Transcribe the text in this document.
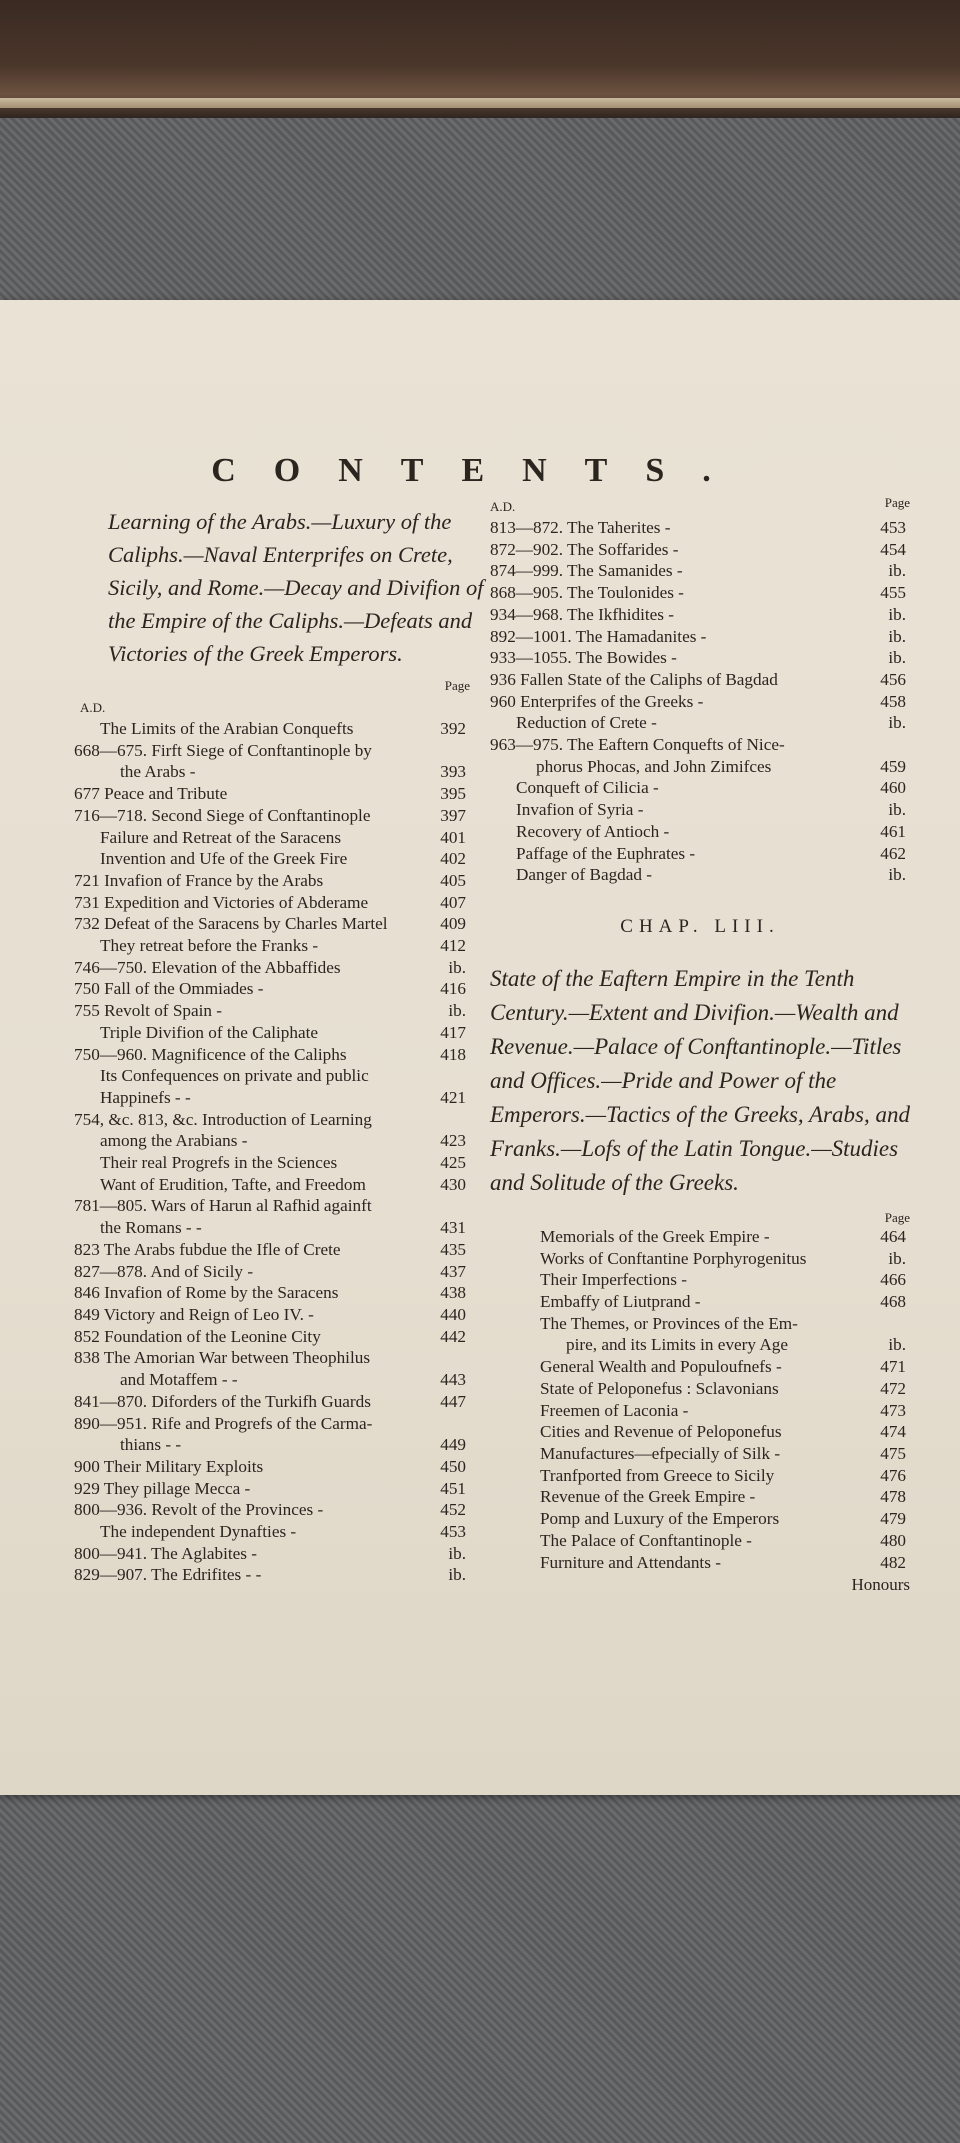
CONTENTS.
Learning of the Arabs.—Luxury of the Caliphs.—Naval Enterprifes on Crete, Sicily, and Rome.—Decay and Divifion of the Empire of the Caliphs.—Defeats and Victories of the Greek Emperors.
A.D.
Page
The Limits of the Arabian Conquefts	392
668—675. Firft Siege of Conftantinople by
the Arabs -	393
677 Peace and Tribute	395
716—718. Second Siege of Conftantinople	397
Failure and Retreat of the Saracens	401
Invention and Ufe of the Greek Fire	402
721 Invafion of France by the Arabs	405
731 Expedition and Victories of Abderame	407
732 Defeat of the Saracens by Charles Martel	409
They retreat before the Franks -	412
746—750. Elevation of the Abbaffides	ib.
750 Fall of the Ommiades -	416
755 Revolt of Spain -	ib.
Triple Divifion of the Caliphate	417
750—960. Magnificence of the Caliphs	418
Its Confequences on private and public
Happinefs - -	421
754, &c. 813, &c. Introduction of Learning
among the Arabians -	423
Their real Progrefs in the Sciences	425
Want of Erudition, Tafte, and Freedom	430
781—805. Wars of Harun al Rafhid againft
the Romans - -	431
823 The Arabs fubdue the Ifle of Crete	435
827—878. And of Sicily -	437
846 Invafion of Rome by the Saracens	438
849 Victory and Reign of Leo IV. -	440
852 Foundation of the Leonine City	442
838 The Amorian War between Theophilus
and Motaffem - -	443
841—870. Diforders of the Turkifh Guards	447
890—951. Rife and Progrefs of the Carma-
thians - -	449
900 Their Military Exploits	450
929 They pillage Mecca -	451
800—936. Revolt of the Provinces -	452
The independent Dynafties -	453
800—941. The Aglabites -	ib.
829—907. The Edrifites - -	ib.
A.D.	Page
813—872. The Taherites -	453
872—902. The Soffarides -	454
874—999. The Samanides -	ib.
868—905. The Toulonides -	455
934—968. The Ikfhidites -	ib.
892—1001. The Hamadanites -	ib.
933—1055. The Bowides -	ib.
936 Fallen State of the Caliphs of Bagdad	456
960 Enterprifes of the Greeks -	458
Reduction of Crete -	ib.
963—975. The Eaftern Conquefts of Nice-
phorus Phocas, and John Zimifces	459
Conqueft of Cilicia -	460
Invafion of Syria -	ib.
Recovery of Antioch -	461
Paffage of the Euphrates -	462
Danger of Bagdad -	ib.
CHAP. LIII.
State of the Eaftern Empire in the Tenth Century.—Extent and Divifion.—Wealth and Revenue.—Palace of Conftantinople.—Titles and Offices.—Pride and Power of the Emperors.—Tactics of the Greeks, Arabs, and Franks.—Lofs of the Latin Tongue.—Studies and Solitude of the Greeks.
Page
Memorials of the Greek Empire -	464
Works of Conftantine Porphyrogenitus	ib.
Their Imperfections -	466
Embaffy of Liutprand -	468
The Themes, or Provinces of the Em-
pire, and its Limits in every Age	ib.
General Wealth and Populoufnefs -	471
State of Peloponefus : Sclavonians	472
Freemen of Laconia -	473
Cities and Revenue of Peloponefus	474
Manufactures—efpecially of Silk -	475
Tranfported from Greece to Sicily	476
Revenue of the Greek Empire -	478
Pomp and Luxury of the Emperors	479
The Palace of Conftantinople -	480
Furniture and Attendants -	482
Honours
